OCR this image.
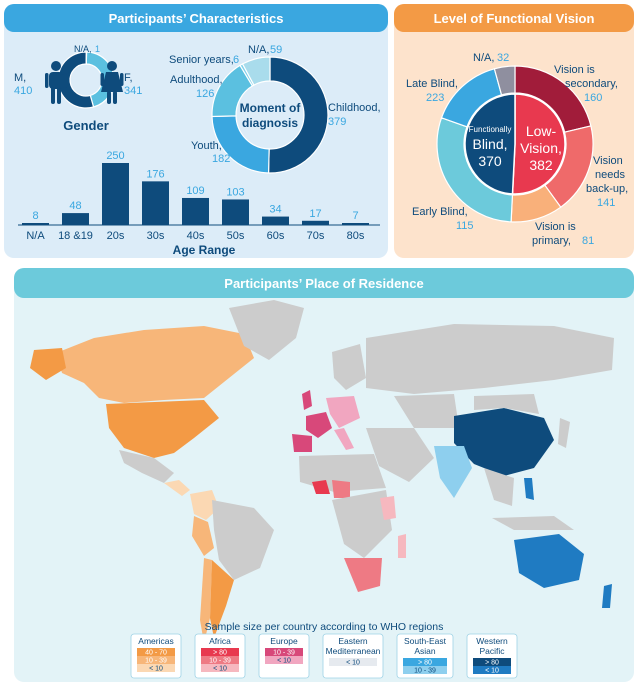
Participants’ Characteristics
M,
410
F,
341
N/A, 1
Gender
Moment of
diagnosis
Childhood,
379
Youth,
182
Adulthood,
126
Senior years, 6
N/A, 59
8
N/A
48
18 &19
250
20s
176
30s
109
40s
103
50s
34
60s
17
70s
7
80s
Age Range
Level of Functional Vision
Functionally
Blind,
370
Low-
Vision,
382
Late Blind,
223
Early Blind,
115
N/A, 32
Vision is
secondary,
160
Vision
needs
back-up,
141
Vision is
primary, 81
Participants’ Place of Residence
Sample size per country according to WHO regions
Americas
40 - 70
10 - 39
< 10
Africa
> 80
10 - 39
< 10
Europe
10 - 39
< 10
Eastern
Mediterranean
< 10
South-East
Asian
> 80
10 - 39
Western
Pacific
> 80
< 10
